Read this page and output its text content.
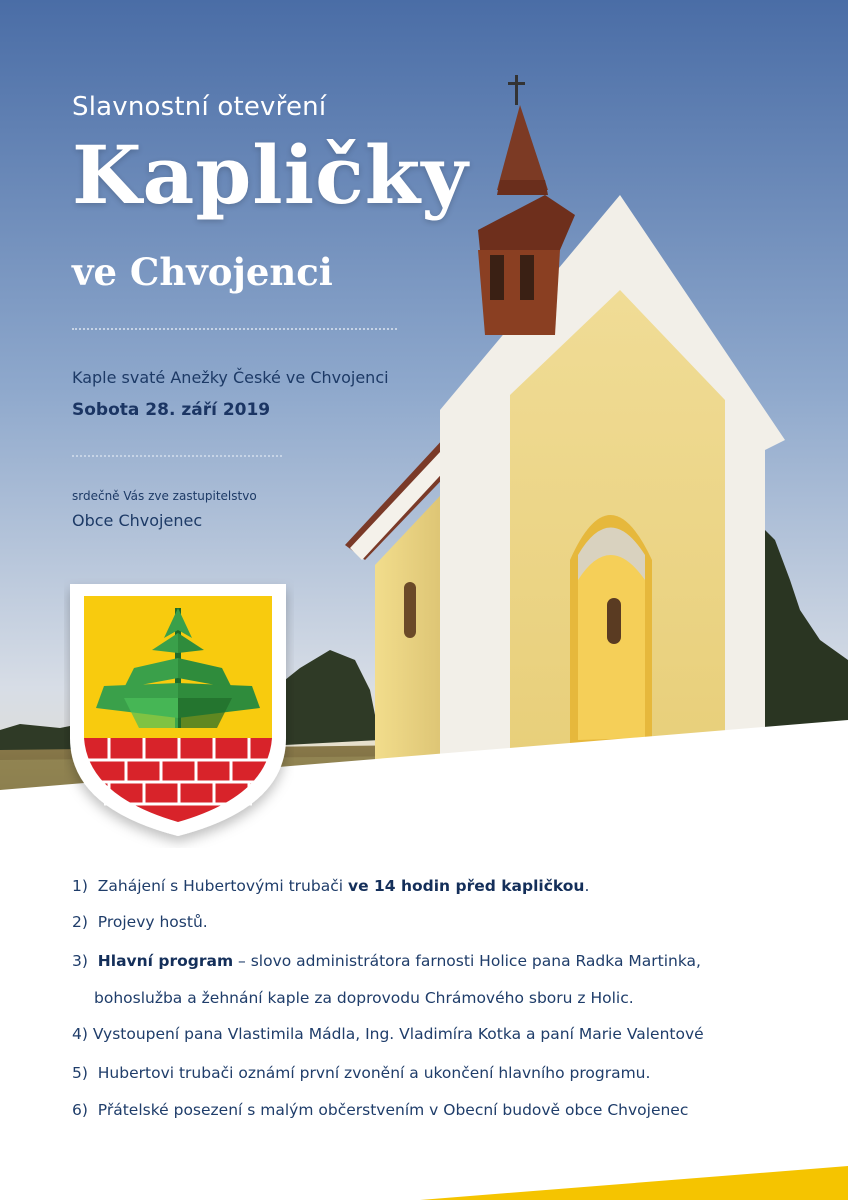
Slavnostní otevření
Kapličky
ve Chvojenci
Kaple svaté Anežky České ve Chvojenci
Sobota 28. září 2019
srdečně Vás zve zastupitelstvo
Obce Chvojenec
1) Zahájení s Hubertovými trubači ve 14 hodin před kapličkou.
2) Projevy hostů.
3) Hlavní program – slovo administrátora farnosti Holice pana Radka Martinka,
bohoslužba a žehnání kaple za doprovodu Chrámového sboru z Holic.
4) Vystoupení pana Vlastimila Mádla, Ing. Vladimíra Kotka a paní Marie Valentové
5) Hubertovi trubači oznámí první zvonění a ukončení hlavního programu.
6) Přátelské posezení s malým občerstvením v Obecní budově obce Chvojenec
